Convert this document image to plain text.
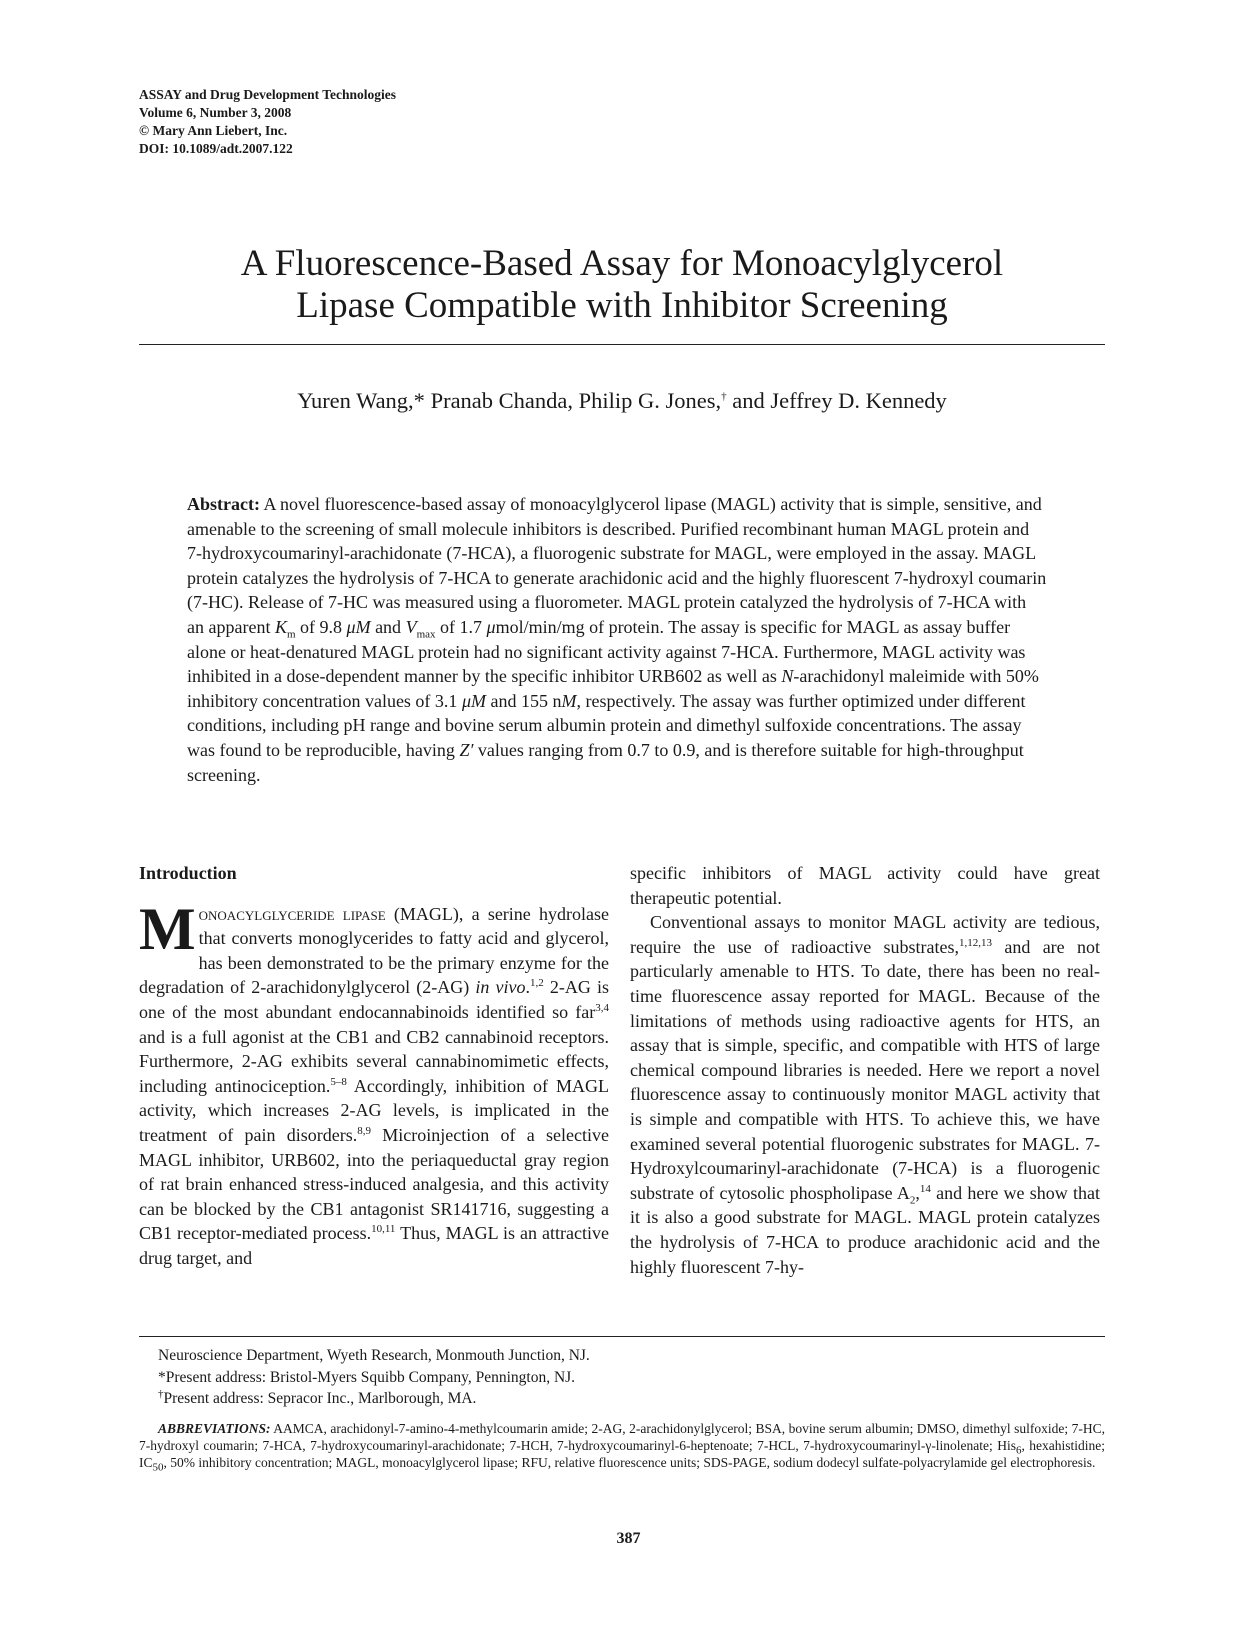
ASSAY and Drug Development Technologies
Volume 6, Number 3, 2008
© Mary Ann Liebert, Inc.
DOI: 10.1089/adt.2007.122
A Fluorescence-Based Assay for Monoacylglycerol
Lipase Compatible with Inhibitor Screening
Yuren Wang,* Pranab Chanda, Philip G. Jones,† and Jeffrey D. Kennedy

Abstract: A novel fluorescence-based assay of monoacylglycerol lipase (MAGL) activity that is simple, sensitive, and amenable to the screening of small molecule inhibitors is described. Purified recombinant human MAGL protein and 7-hydroxycoumarinyl-arachidonate (7-HCA), a fluorogenic substrate for MAGL, were employed in the assay. MAGL protein catalyzes the hydrolysis of 7-HCA to generate arachidonic acid and the highly fluorescent 7-hydroxyl coumarin (7-HC). Release of 7-HC was measured using a fluorometer. MAGL protein catalyzed the hydrolysis of 7-HCA with an apparent $K_m$ of 9.8 μM and $V_{max}$ of 1.7 μmol/min/mg of protein. The assay is specific for MAGL as assay buffer alone or heat-denatured MAGL protein had no significant activity against 7-HCA. Furthermore, MAGL activity was inhibited in a dose-dependent manner by the specific inhibitor URB602 as well as N-arachidonyl maleimide with 50% inhibitory concentration values of 3.1 μM and 155 nM, respectively. The assay was further optimized under different conditions, including pH range and bovine serum albumin protein and dimethyl sulfoxide concentrations. The assay was found to be reproducible, having Z′ values ranging from 0.7 to 0.9, and is therefore suitable for high-throughput screening.

Introduction

Monoacylglyceride lipase (MAGL), a serine hydrolase that converts monoglycerides to fatty acid and glycerol, has been demonstrated to be the primary enzyme for the degradation of 2-arachidonylglycerol (2-AG) in vivo.$^{1,2}$ 2-AG is one of the most abundant endocannabinoids identified so far$^{3,4}$ and is a full agonist at the CB1 and CB2 cannabinoid receptors. Furthermore, 2-AG exhibits several cannabinomimetic effects, including antinociception.$^{5-8}$ Accordingly, inhibition of MAGL activity, which increases 2-AG levels, is implicated in the treatment of pain disorders.$^{8,9}$ Microinjection of a selective MAGL inhibitor, URB602, into the periaqueductal gray region of rat brain enhanced stress-induced analgesia, and this activity can be blocked by the CB1 antagonist SR141716, suggesting a CB1 receptor-mediated process.$^{10,11}$ Thus, MAGL is an attractive drug target, and

specific inhibitors of MAGL activity could have great therapeutic potential.

Conventional assays to monitor MAGL activity are tedious, require the use of radioactive substrates,$^{1,12,13}$ and are not particularly amenable to HTS. To date, there has been no real-time fluorescence assay reported for MAGL. Because of the limitations of methods using radioactive agents for HTS, an assay that is simple, specific, and compatible with HTS of large chemical compound libraries is needed. Here we report a novel fluorescence assay to continuously monitor MAGL activity that is simple and compatible with HTS. To achieve this, we have examined several potential fluorogenic substrates for MAGL. 7-Hydroxylcoumarinyl-arachidonate (7-HCA) is a fluorogenic substrate of cytosolic phospholipase $A_2,^{14}$ and here we show that it is also a good substrate for MAGL. MAGL protein catalyzes the hydrolysis of 7-HCA to produce arachidonic acid and the highly fluorescent 7-hy-

Neuroscience Department, Wyeth Research, Monmouth Junction, NJ.
*Present address: Bristol-Myers Squibb Company, Pennington, NJ.
†Present address: Sepracor Inc., Marlborough, MA.

ABBREVIATIONS: AAMCA, arachidonyl-7-amino-4-methylcoumarin amide; 2-AG, 2-arachidonylglycerol; BSA, bovine serum albumin; DMSO, dimethyl sulfoxide; 7-HC, 7-hydroxyl coumarin; 7-HCA, 7-hydroxycoumarinyl-arachidonate; 7-HCH, 7-hydroxycoumarinyl-6-heptenoate; 7-HCL, 7-hydroxycoumarinyl-γ-linolenate; His$_6$, hexahistidine; $IC_{50}$, 50% inhibitory concentration; MAGL, monoacylglycerol lipase; RFU, relative fluorescence units; SDS-PAGE, sodium dodecyl sulfate-polyacrylamide gel electrophoresis.

387
